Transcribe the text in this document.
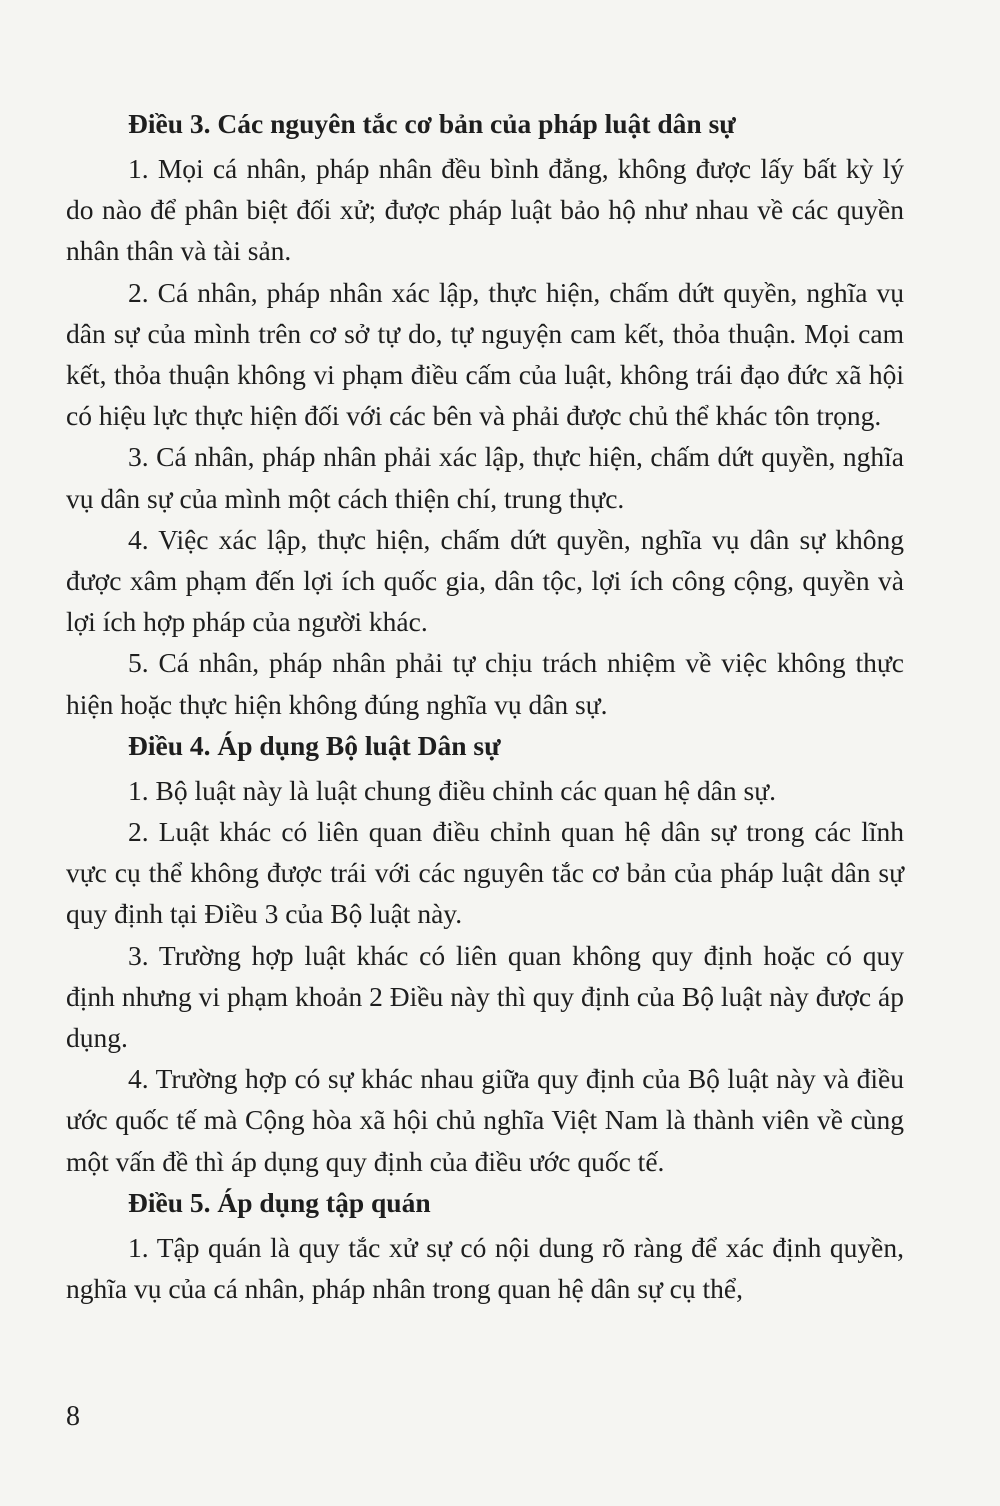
Điều 3. Các nguyên tắc cơ bản của pháp luật dân sự

1. Mọi cá nhân, pháp nhân đều bình đẳng, không được lấy bất kỳ lý do nào để phân biệt đối xử; được pháp luật bảo hộ như nhau về các quyền nhân thân và tài sản.

2. Cá nhân, pháp nhân xác lập, thực hiện, chấm dứt quyền, nghĩa vụ dân sự của mình trên cơ sở tự do, tự nguyện cam kết, thỏa thuận. Mọi cam kết, thỏa thuận không vi phạm điều cấm của luật, không trái đạo đức xã hội có hiệu lực thực hiện đối với các bên và phải được chủ thể khác tôn trọng.

3. Cá nhân, pháp nhân phải xác lập, thực hiện, chấm dứt quyền, nghĩa vụ dân sự của mình một cách thiện chí, trung thực.

4. Việc xác lập, thực hiện, chấm dứt quyền, nghĩa vụ dân sự không được xâm phạm đến lợi ích quốc gia, dân tộc, lợi ích công cộng, quyền và lợi ích hợp pháp của người khác.

5. Cá nhân, pháp nhân phải tự chịu trách nhiệm về việc không thực hiện hoặc thực hiện không đúng nghĩa vụ dân sự.

Điều 4. Áp dụng Bộ luật Dân sự

1. Bộ luật này là luật chung điều chỉnh các quan hệ dân sự.

2. Luật khác có liên quan điều chỉnh quan hệ dân sự trong các lĩnh vực cụ thể không được trái với các nguyên tắc cơ bản của pháp luật dân sự quy định tại Điều 3 của Bộ luật này.

3. Trường hợp luật khác có liên quan không quy định hoặc có quy định nhưng vi phạm khoản 2 Điều này thì quy định của Bộ luật này được áp dụng.

4. Trường hợp có sự khác nhau giữa quy định của Bộ luật này và điều ước quốc tế mà Cộng hòa xã hội chủ nghĩa Việt Nam là thành viên về cùng một vấn đề thì áp dụng quy định của điều ước quốc tế.

Điều 5. Áp dụng tập quán

1. Tập quán là quy tắc xử sự có nội dung rõ ràng để xác định quyền, nghĩa vụ của cá nhân, pháp nhân trong quan hệ dân sự cụ thể,

8
